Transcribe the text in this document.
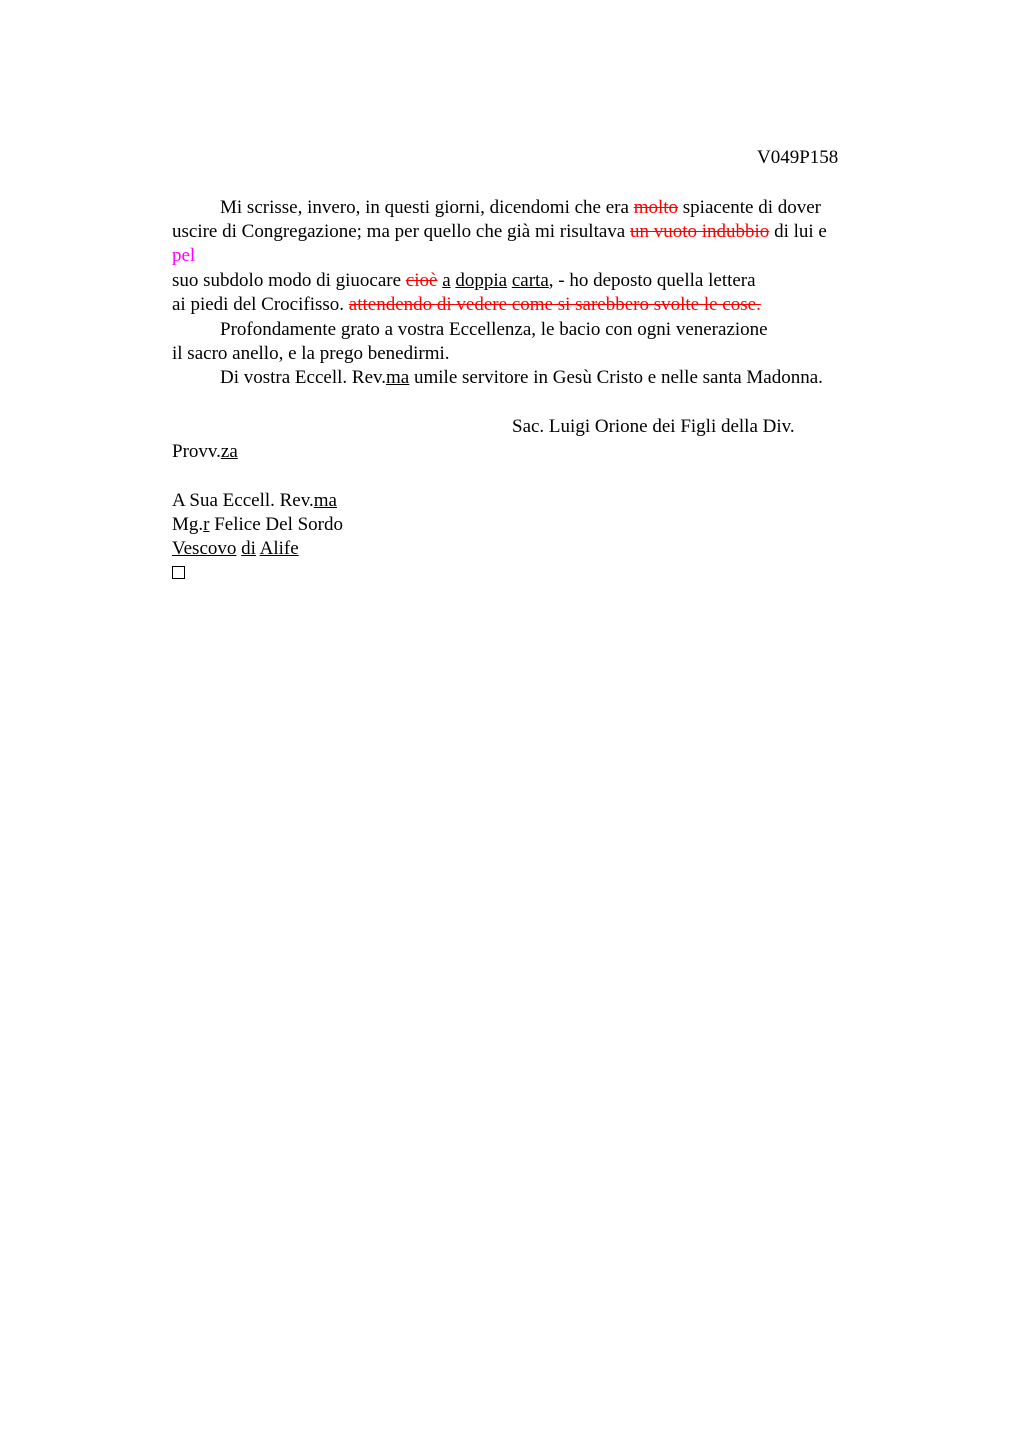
V049P158
Mi scrisse, invero, in questi giorni, dicendomi che era molto spiacente di dover
uscire di Congregazione; ma per quello che già mi risultava un vuoto indubbio di lui e
pel
suo subdolo modo di giuocare cioè a doppia carta, - ho deposto quella lettera
ai piedi del Crocifisso. attendendo di vedere come si sarebbero svolte le cose.
Profondamente grato a vostra Eccellenza, le bacio con ogni venerazione
il sacro anello, e la prego benedirmi.
Di vostra Eccell. Rev.ma umile servitore in Gesù Cristo e nelle santa Madonna.
Sac. Luigi Orione dei Figli della Div.
Provv.za
A Sua Eccell. Rev.ma
Mg.r Felice Del Sordo
Vescovo di Alife
